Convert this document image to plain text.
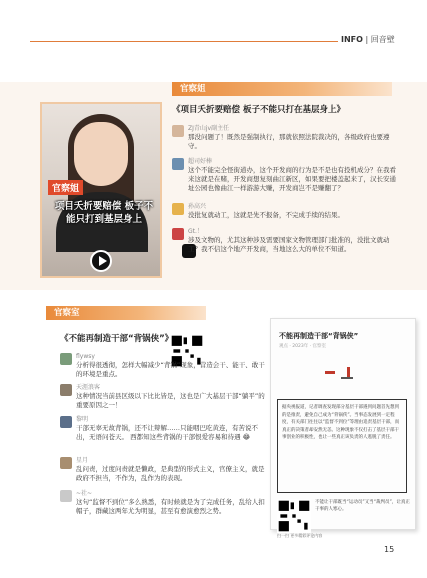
INFO | 回音壁
官察姐
官察姐
项目夭折要赔偿 板子不能只打到基层身上
《项目夭折要赔偿 板子不能只打在基层身上》
ZJ青山jv副主任
那没问题了！既然是强制执行，那就依照法院裁决的，各级政府也要遵守。
超司好棒
这个不能完全怪街道办，这个开发商的行为是不是也有投机成分？在我看来这就是在赌，开发商想复刻曲江新区，如果要把楼盖起来了，汉长安通址公园也像曲江一样游游大赚，开发商岂不是赚翻了？
孙高兴
没批复就动工，这就是先不报备，不完成手续的结果。
Gt.！
涉及文物的，尤其这种涉及需要国家文物管理部门批准的，没批文就动工？我不信这个地产开发商，当地这么大的单位不知道。
官察室
《不能再制造干部“背锅侠”》
flywsy
分析得很透彻，怎样大幅减少“背锅”现象，营造会干、能干、敢干的环境是重点。
天涯浪客
这种情况当前县区级以下比比皆是，这也是广大基层干部“躺平”的重要原因之一！
黎明
干部无辜无故背锅，还不让辩解……只能咽巴吃黄连，有苦说不出，无语问苍天。 西都知这些背锅的干部恨爱容易和待遇 😂
星月
乱问责，过度问责就是懒政，是典型的形式主义，官僚主义，就是政府不担当，不作为，乱作为的表现。
~社~
这句“监督不到位”多么熟悉，有时候就是为了完成任务，乱给人扣帽子，群藏这两年尤为明显，甚至有愈演愈烈之势。
不能再制造干部“背锅侠”
观点 · 2023年 · 官察室
据央视报道，记者调查发现部分基层干部遇到问题首先想到的是推责，避免自己成为“背锅侠”。当事态发展到一定程度，有关部门往往以“监督不到位”等理由追责基层干部，而真正的决策者却安然无恙。这种现象不仅打击了基层干部干事创业的积极性，也让一些真正该负责的人逃脱了责任。
不能让干部既当“运动员”又当“裁判员”，让真正干事的人寒心。
扫一扫 更多精彩评论内容
15
